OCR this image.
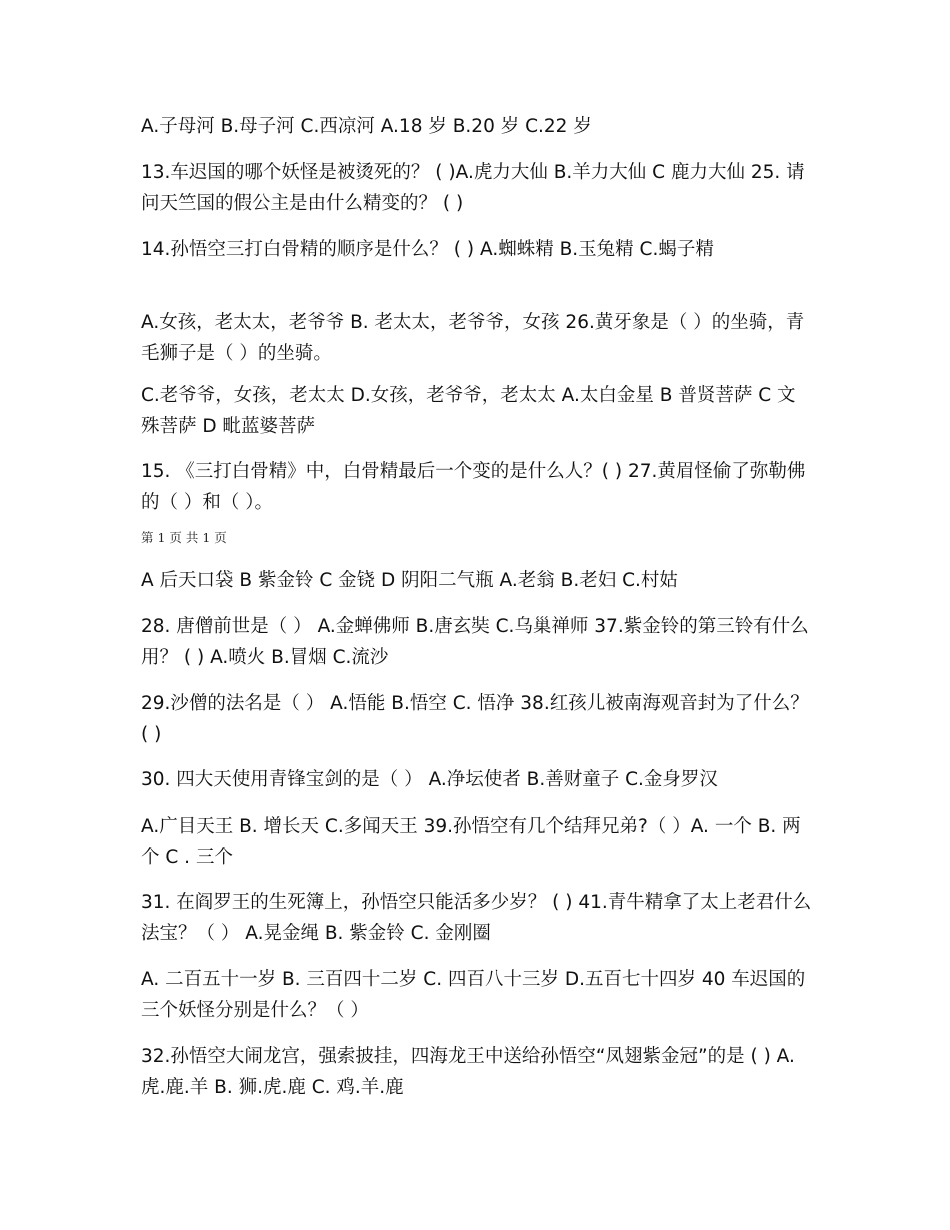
A.子母河 B.母子河 C.西凉河 A.18 岁 B.20 岁 C.22 岁

13.车迟国的哪个妖怪是被烫死的？ ( )A.虎力大仙 B.羊力大仙 C 鹿力大仙 25. 请问天竺国的假公主是由什么精变的？ ( )

14.孙悟空三打白骨精的顺序是什么？ ( ) A.蜘蛛精 B.玉兔精 C.蝎子精

A.女孩，老太太，老爷爷 B. 老太太，老爷爷，女孩 26.黄牙象是（ ）的坐骑，青毛狮子是（ ）的坐骑。

C.老爷爷，女孩，老太太 D.女孩，老爷爷，老太太 A.太白金星 B 普贤菩萨 C 文殊菩萨 D 毗蓝婆菩萨

15. 《三打白骨精》中，白骨精最后一个变的是什么人？( ) 27.黄眉怪偷了弥勒佛的（ ）和（ ）。

第 1 页 共 1 页

A 后天口袋 B 紫金铃 C 金铙 D 阴阳二气瓶 A.老翁 B.老妇 C.村姑

28. 唐僧前世是（ ） A.金蝉佛师 B.唐玄奘 C.乌巢禅师 37.紫金铃的第三铃有什么用？ ( ) A.喷火 B.冒烟 C.流沙

29.沙僧的法名是（ ） A.悟能 B.悟空 C. 悟净 38.红孩儿被南海观音封为了什么？( )

30. 四大天使用青锋宝剑的是（ ） A.净坛使者 B.善财童子 C.金身罗汉

A.广目天王 B. 增长天 C.多闻天王 39.孙悟空有几个结拜兄弟?（ ）A. 一个 B. 两个 C . 三个

31. 在阎罗王的生死簿上，孙悟空只能活多少岁？ ( ) 41.青牛精拿了太上老君什么法宝？（ ） A.晃金绳 B. 紫金铃 C. 金刚圈

A. 二百五十一岁 B. 三百四十二岁 C. 四百八十三岁 D.五百七十四岁 40 车迟国的三个妖怪分别是什么？（ ）

32.孙悟空大闹龙宫，强索披挂，四海龙王中送给孙悟空“凤翅紫金冠”的是 ( ) A.虎.鹿.羊 B. 狮.虎.鹿 C. 鸡.羊.鹿
